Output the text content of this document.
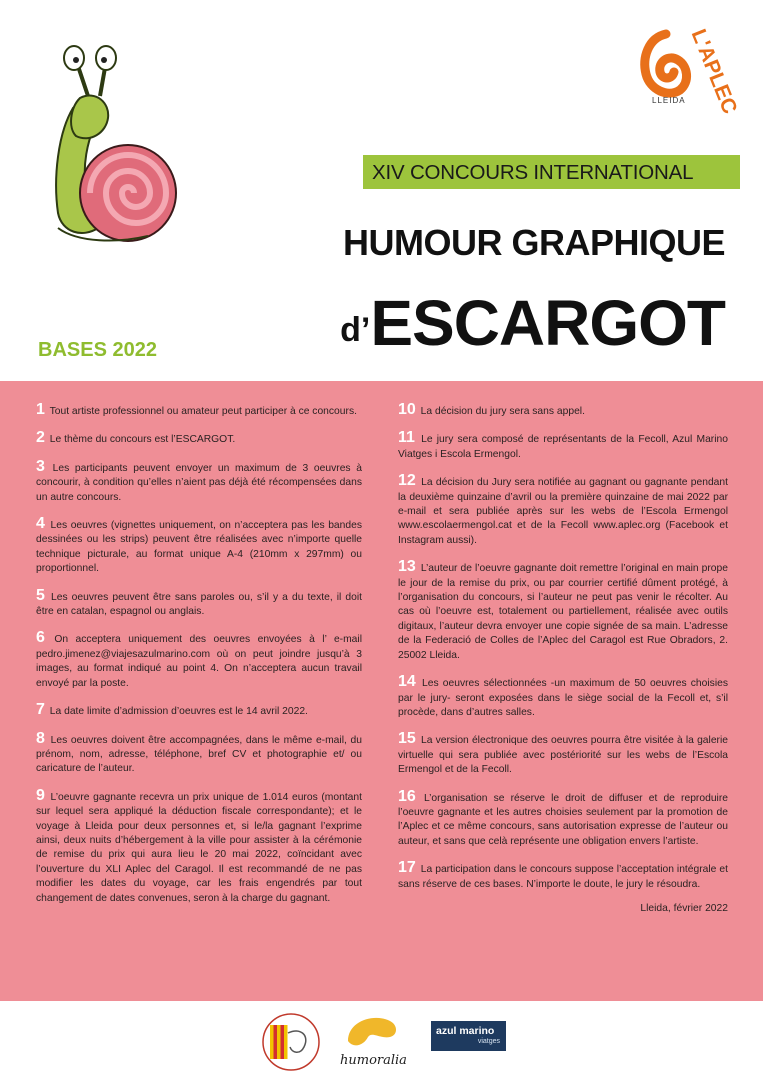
L'APLEC
LLEIDA
XIV CONCOURS INTERNATIONAL
HUMOUR GRAPHIQUE
d’ESCARGOT
BASES 2022
1 Tout artiste professionnel ou amateur peut participer à ce concours.
2 Le thème du concours est l’ESCARGOT.
3 Les participants peuvent envoyer un maximum de 3 oeuvres à concourir, à condition qu’elles n’aient pas déjà été récompensées dans un autre concours.
4 Les oeuvres (vignettes uniquement, on n’acceptera pas les bandes dessinées ou les strips) peuvent être réalisées avec n’importe quelle technique picturale, au format unique A-4 (210mm x 297mm) ou proportionnel.
5 Les oeuvres peuvent être sans paroles ou, s’il y a du texte, il doit être en catalan, espagnol ou anglais.
6 On acceptera uniquement des oeuvres envoyées à l’ e-mail pedro.jimenez@viajesazulmarino.com où on peut joindre jusqu’à 3 images, au format indiqué au point 4. On n’acceptera aucun travail envoyé par la poste.
7 La date limite d’admission d’oeuvres est le 14 avril 2022.
8 Les oeuvres doivent être accompagnées, dans le même e-mail, du prénom, nom, adresse, téléphone, bref CV et photographie et/ ou caricature de l’auteur.
9 L’oeuvre gagnante recevra un prix unique de 1.014 euros (montant sur lequel sera appliqué la déduction fiscale correspondante); et le voyage à Lleida pour deux personnes et, si le/la gagnant l’exprime ainsi, deux nuits d’hébergement à la ville pour assister à la cérémonie de remise du prix qui aura lieu le 20 mai 2022, coïncidant avec l’ouverture du XLI Aplec del Caragol. Il est recommandé de ne pas modifier les dates du voyage, car les frais engendrés par tout changement de dates convenues, seron à la charge du gagnant.
10 La décision du jury sera sans appel.
11 Le jury sera composé de représentants de la Fecoll, Azul Marino Viatges i Escola Ermengol.
12 La décision du Jury sera notifiée au gagnant ou gagnante pendant la deuxième quinzaine d’avril ou la première quinzaine de mai 2022 par e-mail et sera publiée après sur les webs de l’Escola Ermengol www.escolaermengol.cat et de la Fecoll www.aplec.org (Facebook et Instagram aussi).
13 L’auteur de l’oeuvre gagnante doit remettre l’original en main prope le jour de la remise du prix, ou par courrier certifié dûment protégé, à l’organisation du concours, si l’auteur ne peut pas venir le récolter. Au cas où l’oeuvre est, totalement ou partiellement, réalisée avec outils digitaux, l’auteur devra envoyer une copie signée de sa main. L’adresse de la Federació de Colles de l’Aplec del Caragol est Rue Obradors, 2. 25002 Lleida.
14 Les oeuvres sélectionnées -un maximum de 50 oeuvres choisies par le jury- seront exposées dans le siège social de la Fecoll et, s’il procède, dans d’autres salles.
15 La version électronique des oeuvres pourra être visitée à la galerie virtuelle qui sera publiée avec postériorité sur les webs de l’Escola Ermengol et de la Fecoll.
16 L’organisation se réserve le droit de diffuser et de reproduire l’oeuvre gagnante et les autres choisies seulement par la promotion de l’Aplec et ce même concours, sans autorisation expresse de l’auteur ou auteur, et sans que celà représente une obligation envers l’artiste.
17 La participation dans le concours suppose l’acceptation intégrale et sans réserve de ces bases. N’importe le doute, le jury le résoudra.
Lleida, février 2022
humoralia
azul marino
viatges
